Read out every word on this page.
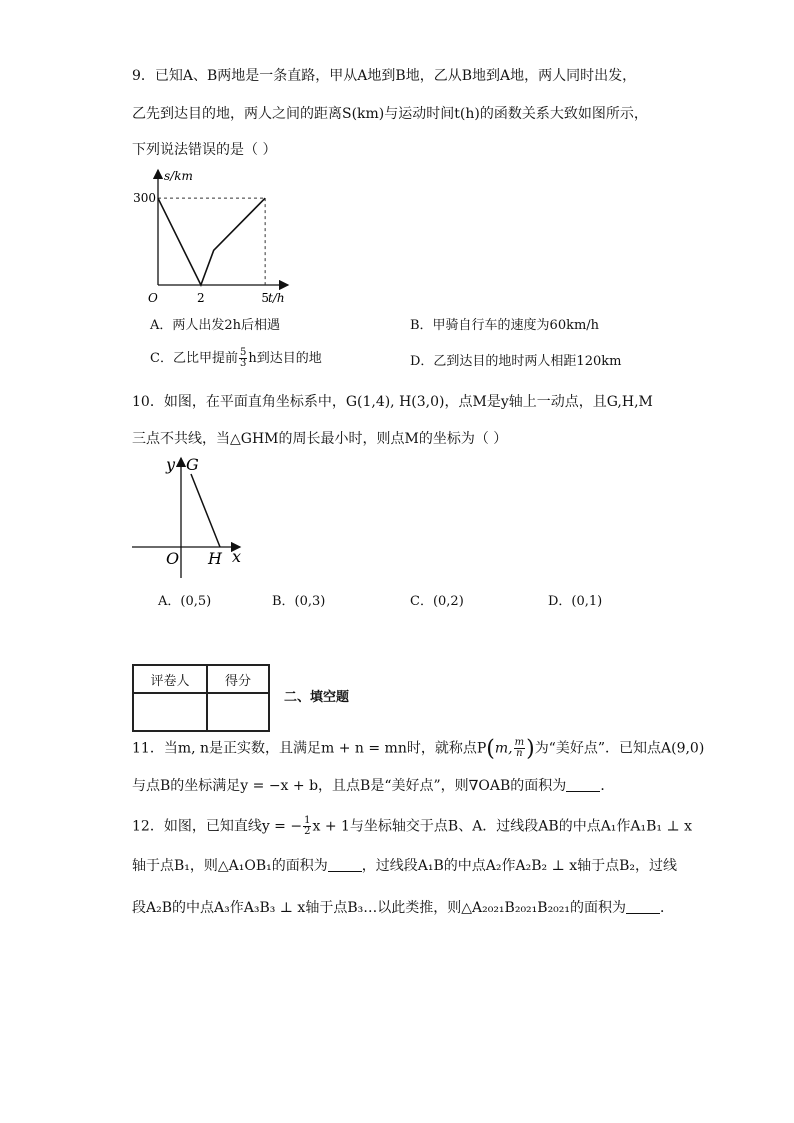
9．已知A、B两地是一条直路，甲从A地到B地，乙从B地到A地，两人同时出发，
乙先到达目的地，两人之间的距离S(km)与运动时间t(h)的函数关系大致如图所示，
下列说法错误的是（ ）
s/km
O	2	5
300
t/h
A．两人出发2h后相遇	B．甲骑自行车的速度为60km/h
C．乙比甲提前 $\frac{5}{3}$ h到达目的地	D．乙到达目的地时两人相距120km
10．如图，在平面直角坐标系中，G(1,4), H(3,0)，点M是y轴上一动点，且G,H,M
三点不共线，当△GHM的周长最小时，则点M的坐标为（ ）
y G
O H x
A．(0,5)	B．(0,3)	C．(0,2)	D．(0,1)
评卷人	得分

二、填空题
11．当m, n是正实数，且满足m + n = mn时，就称点P(m, $\frac{m}{n}$ )为“美好点”．已知点A(9,0)
与点B的坐标满足y = −x + b，且点B是“美好点”，则∇OAB的面积为 ．
12．如图，已知直线y = − $\frac{1}{2}$ x + 1与坐标轴交于点B、A．过线段AB的中点A₁作A₁B₁ ⊥ x
轴于点B₁，则△A₁OB₁的面积为 ，过线段A₁B的中点A₂作A₂B₂ ⊥ x轴于点B₂，过线
段A₂B的中点A₃作A₃B₃ ⊥ x轴于点B₃…以此类推，则△A₂₀₂₁B₂₀₂₁B₂₀₂₁的面积为 ．
